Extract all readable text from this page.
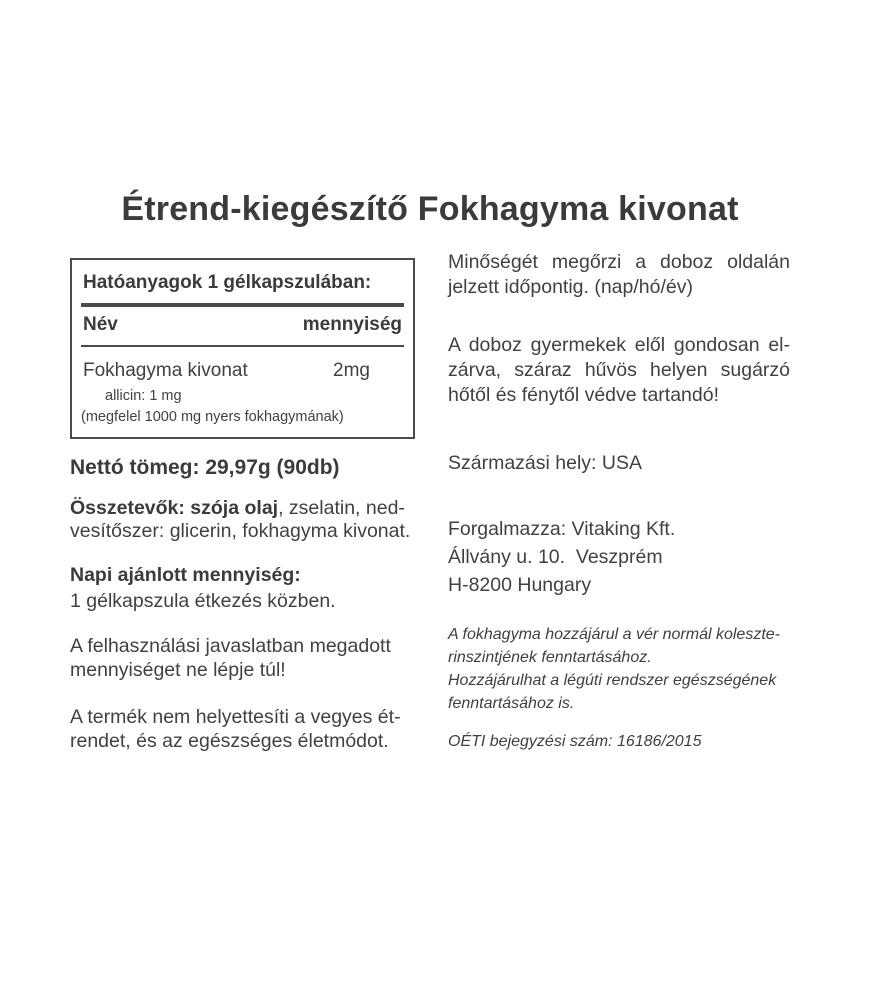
Étrend-kiegészítő Fokhagyma kivonat
Hatóanyagok 1 gélkapszulában:
Név	mennyiség
Fokhagyma kivonat	2mg
allicin: 1 mg
(megfelel 1000 mg nyers fokhagymának)
Nettó tömeg: 29,97g (90db)
Összetevők: szója olaj, zselatin, ned-
vesítőszer: glicerin, fokhagyma kivonat.
Napi ajánlott mennyiség:
1 gélkapszula étkezés közben.
A felhasználási javaslatban megadott
mennyiséget ne lépje túl!
A termék nem helyettesíti a vegyes ét-
rendet, és az egészséges életmódot.
Minőségét megőrzi a doboz oldalán
jelzett időpontig. (nap/hó/év)
A doboz gyermekek elől gondosan el-
zárva, száraz hűvös helyen sugárzó
hőtől és fénytől védve tartandó!
Származási hely: USA
Forgalmazza: Vitaking Kft.
Állvány u. 10.  Veszprém
H-8200 Hungary
A fokhagyma hozzájárul a vér normál koleszte-
rinszintjének fenntartásához.
Hozzájárulhat a légúti rendszer egészségének
fenntartásához is.
OÉTI bejegyzési szám: 16186/2015
